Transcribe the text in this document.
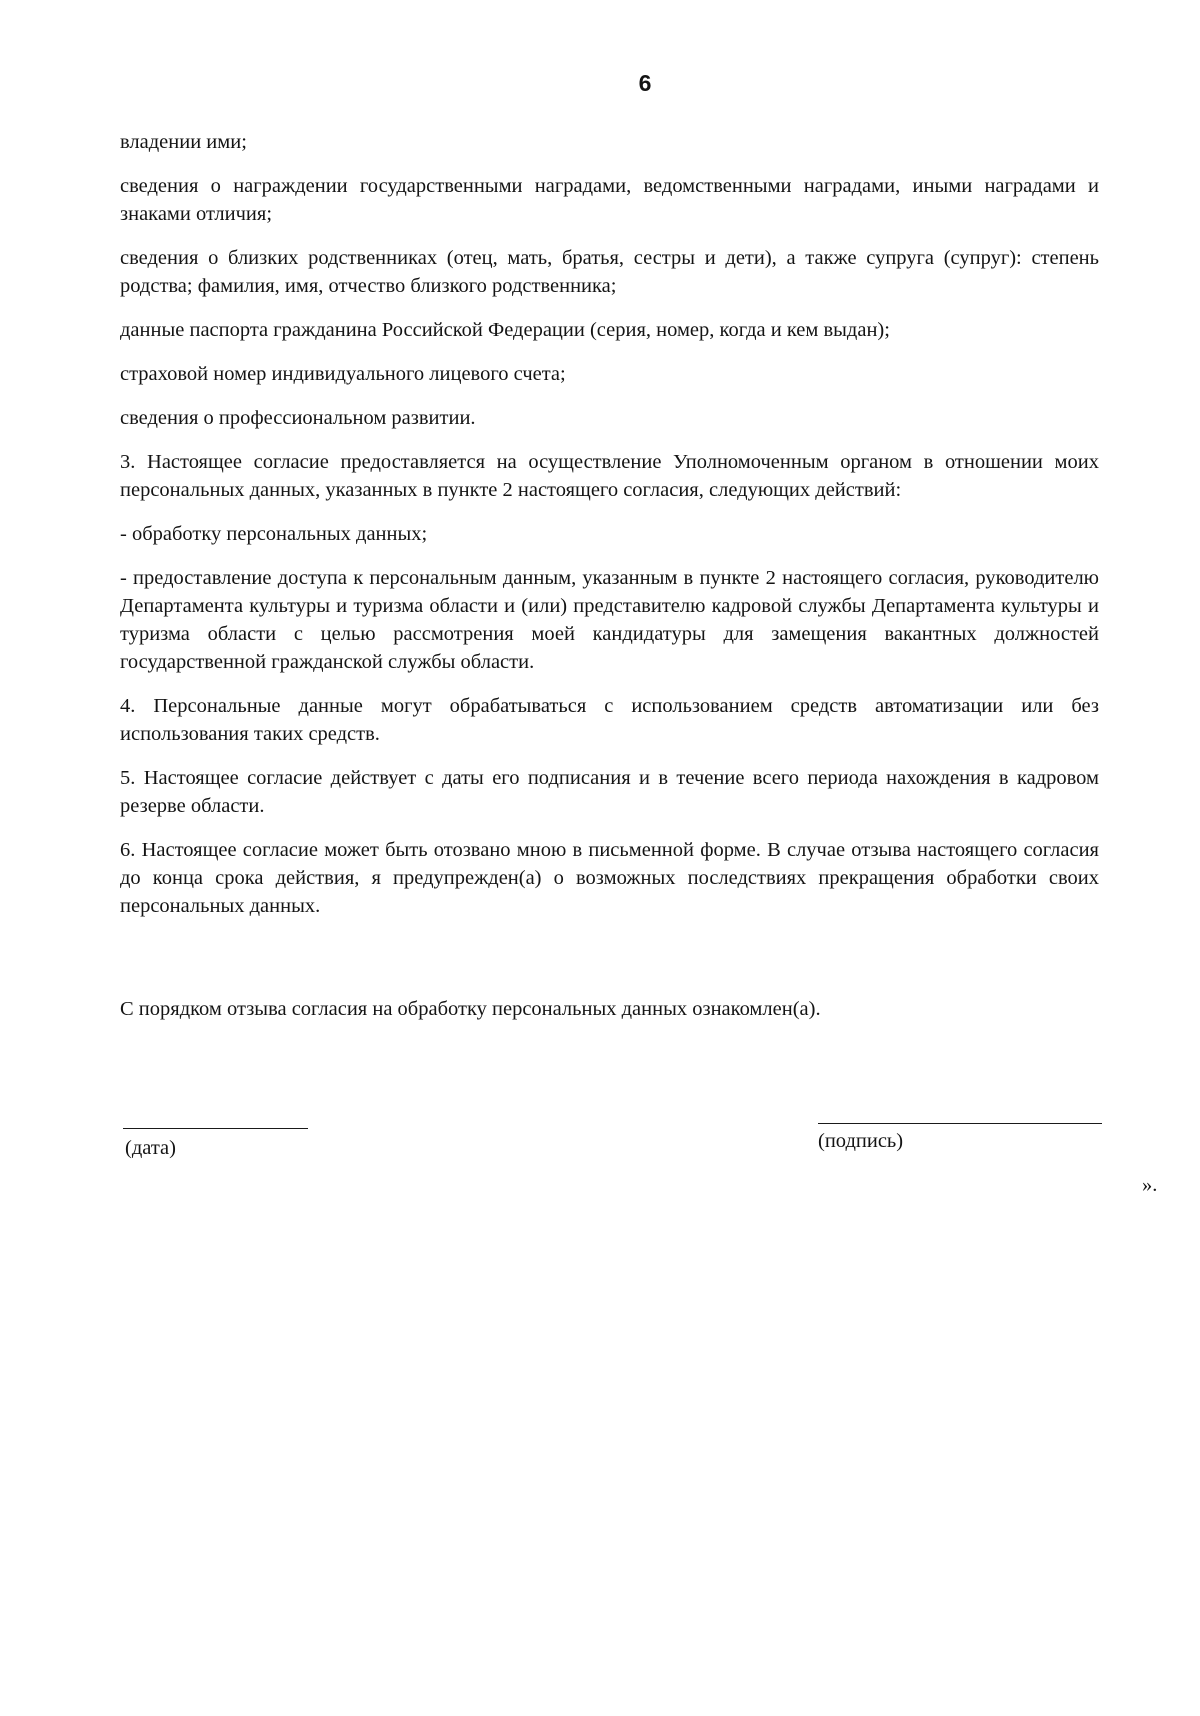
6

владении ими;

сведения о награждении государственными наградами, ведомственными наградами, иными наградами и знаками отличия;

сведения о близких родственниках (отец, мать, братья, сестры и дети), а также супруга (супруг): степень родства; фамилия, имя, отчество близкого родственника;

данные паспорта гражданина Российской Федерации (серия, номер, когда и кем выдан);

страховой номер индивидуального лицевого счета;

сведения о профессиональном развитии.

3. Настоящее согласие предоставляется на осуществление Уполномоченным органом в отношении моих персональных данных, указанных в пункте 2 настоящего согласия, следующих действий:

- обработку персональных данных;

- предоставление доступа к персональным данным, указанным в пункте 2 настоящего согласия, руководителю Департамента культуры и туризма области и (или) представителю кадровой службы Департамента культуры и туризма области с целью рассмотрения моей кандидатуры для замещения вакантных должностей государственной гражданской службы области.

4. Персональные данные могут обрабатываться с использованием средств автоматизации или без использования таких средств.

5. Настоящее согласие действует с даты его подписания и в течение всего периода нахождения в кадровом резерве области.

6. Настоящее согласие может быть отозвано мною в письменной форме. В случае отзыва настоящего согласия до конца срока действия, я предупрежден(а) о возможных последствиях прекращения обработки своих персональных данных.

С порядком отзыва согласия на обработку персональных данных ознакомлен(а).
(дата)	(подпись)
».
